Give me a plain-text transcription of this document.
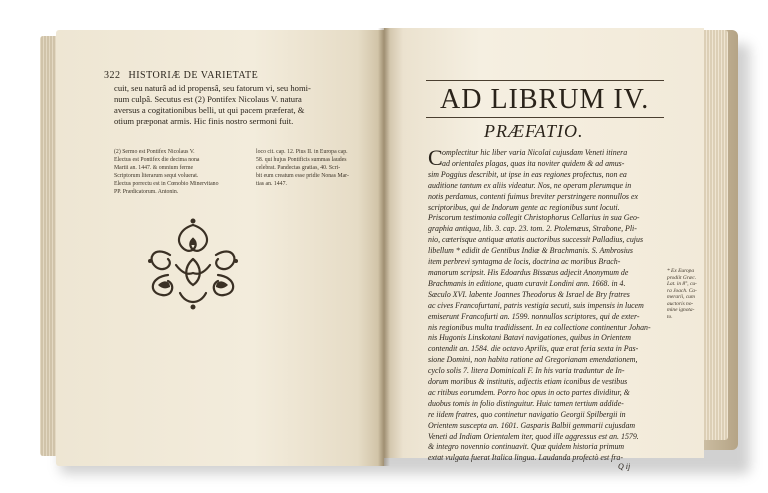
322 HISTORIÆ DE VARIETATE
cuit, seu naturâ ad id propensâ, seu fatorum vi, seu homi-
num culpâ. Secutus est (2) Pontifex Nicolaus V. natura
aversus a cogitationibus belli, ut qui pacem præferat, &
otium præponat armis. Hic finis nostro sermoni fuit.
(2) Sermo est Pontifex Nicolaus V.
Electus est Pontifex die decima nona
Martii an. 1447. & omnium ferme
Scriptorum literarum sequi voluerat.
Electus porrectu est in Cœnobio Minervitano
PP. Prædicatorum. Antonin.
loco cit. cap. 12. Pius II. in Europa cap.
58. qui hujus Pontificis summas laudes
celebrat. Pandectas gratias, 40. Scri-
bit eum creatum esse pridie Nonas Mar-
tias an. 1447.
AD LIBRUM IV.
PRÆFATIO.
C omplectitur hic liber varia Nicolai cujusdam Veneti itinera
ad orientales plagas, quas ita noviter quidem & ad amus-
sim Poggius describit, ut ipse in eas regiones profectus, non ea
auditione tantum ex aliis videatur. Nos, ne operam plerumque in
notis perdamus, contenti fuimus breviter perstringere nonnullos ex
scriptoribus, qui de Indorum gente ac regionibus sunt locuti.
Priscorum testimonia collegit Christophorus Cellarius in sua Geo-
graphia antiqua, lib. 3. cap. 23. tom. 2. Ptolemæus, Strabone, Pli-
nio, cæterisque antiquæ ætatis auctoribus successit Palladius, cujus
libellum * edidit de Gentibus Indiæ & Brachmanis. S. Ambrosius
item perbrevi syntagma de locis, doctrina ac moribus Brach-
manorum scripsit. His Edoardus Bissæus adjecit Anonymum de
Brachmanis in editione, quam curavit Londini ann. 1668. in 4.
Sæculo XVI. labente Joannes Theodorus & Israel de Bry fratres
ac cives Francofurtani, patris vestigia secuti, suis impensis in lucem
emiserunt Francofurti an. 1599. nonnullos scriptores, qui de exter-
nis regionibus multa tradidissent. In ea collectione continentur Johan-
nis Hugonis Linskotani Batavi navigationes, quibus in Orientem
contendit an. 1584. die octavo Aprilis, quæ erat feria sexta in Pas-
sione Domini, non habita ratione ad Gregorianam emendationem,
cyclo solis 7. litera Dominicali F. In his varia traduntur de In-
dorum moribus & institutis, adjectis etiam iconibus de vestibus
ac ritibus eorumdem. Porro hoc opus in octo partes dividitur, &
duobus tomis in folio distinguitur. Huic tamen tertium addide-
re iidem fratres, quo continetur navigatio Georgii Spilbergii in
Orientem suscepta an. 1601. Gasparis Balbii gemmarii cujusdam
Veneti ad Indiam Orientalem iter, quod ille aggressus est an. 1579.
& integro novennio continuavit. Quæ quidem historia primum
extat vulgata fuerat Italica lingua. Laudanda profectò est fra-
* Ex Europa
prodiit Græc.
Lat. in 8°, cu-
ra Joach. Ca-
merarii, cum
auctoris no-
mine ignota-
to.
Q ij
